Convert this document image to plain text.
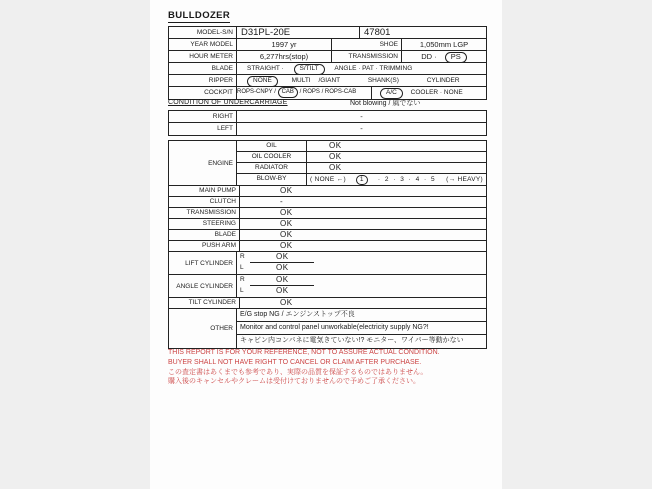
BULLDOZER
MODEL-S/N D31PL-20E	47801
YEAR MODEL	1997 yr	SHOE	1,050mm LGP
HOUR METER	6,277hrs(stop)	TRANSMISSION	DD · PS
BLADE	STRAIGHT · S/TILT ANGLE · PAT · TRIMMING
RIPPER	NONE	MULTI /GIANT	SHANK(S)	CYLINDER
COCKPIT ROPS-CNPY / CAB / ROPS / ROPS-CAB	A/C COOLER · NONE
CONDITION OF UNDERCARRIAGE	Not blowing / 風でない
RIGHT	-
LEFT	-
ENGINE
OIL	OK
OIL COOLER	OK
RADIATOR	OK
BLOW-BY	( NONE ←)	1	· 2 · 3 · 4 · 5 (→ HEAVY)
MAIN PUMP	OK
CLUTCH	-
TRANSMISSION	OK
STEERING	OK
BLADE	OK
PUSH ARM	OK
LIFT CYLINDER
R	OK
L	OK
ANGLE CYLINDER
R	OK
L	OK
TILT CYLINDER	OK
OTHER
E/G stop NG / エンジンストップ不良
Monitor and control panel unworkable(electricity supply NG?!
キャビン内コンパネに電気きていない!? モニター、ワイパー等動かない
THIS REPORT IS FOR YOUR REFERENCE, NOT TO ASSURE ACTUAL CONDITION.
BUYER SHALL NOT HAVE RIGHT TO CANCEL OR CLAIM AFTER PURCHASE.
この査定書はあくまでも参考であり、実際の品質を保証するものではありません。
購入後のキャンセルやクレームは受付けておりませんので予めご了承ください。
